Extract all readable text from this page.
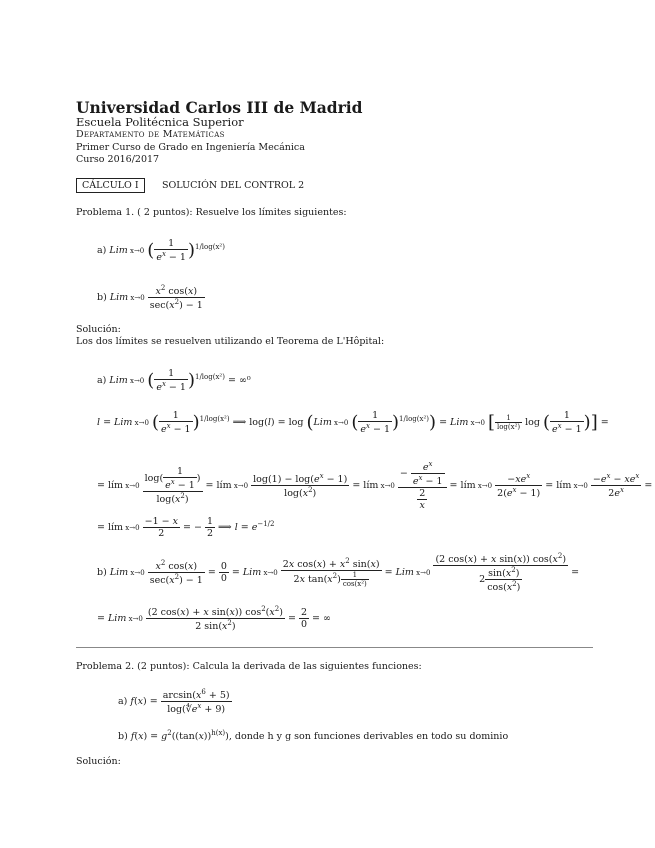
Universidad Carlos III de Madrid
Escuela Politécnica Superior
Departamento de Matemáticas
Primer Curso de Grado en Ingeniería Mecánica
Curso 2016/2017
CÁLCULO I	SOLUCIÓN DEL CONTROL 2
Problema 1. ( 2 puntos): Resuelve los límites siguientes:
a) Lim x→0 ( $\frac{1}{e^x - 1} )^{1/log(x^2)}$
b) Lim $x\to 0 \frac{x^2 \cos(x)}{\sec(x^2) - 1}$
Solución:
Los dos límites se resuelven utilizando el Teorema de L'Hôpital:
a) Lim x→0 ( $\frac{1}{e^x - 1} )^{1/log(x^2)} = \infty^0$
l = Lim x→0 ( $\frac{1}{e^x - 1} )^{1/log(x^2)}$ ⟹ log(l) = log (Lim x→0 ( $\frac{1}{e^x - 1} )^{1/log(x^2)}$) = Lim x→0 [ $\frac{1}{\text{log(x²)}}$ log ( $\frac{1}{e^x - 1}$ )] =
= lím $x\to 0 \frac{\log( \frac{1}{e^x - 1} )}{\log(x^2)}$ = lím $x\to 0 \frac{\log(1) - \log(e^x - 1)}{\log(x^2)}$ = lím $x\to 0 \frac{- \frac{e^x}{e^x - 1}}{\frac{2}{x}}$ = lím $x\to 0 \frac{-xe^x}{2(e^x - 1)}$ = lím $x\to 0 \frac{-e^x - xe^x}{2e^x}$ =
= lím $x\to 0 \frac{-1 - x}{2}$ = − $\frac{1}{2}$ ⟹ $l = e^{-1/2}$
b) Lim $x\to 0 \frac{x^2 \cos(x)}{\sec(x^2) - 1} = \frac{0}{0}$ = Lim $x\to 0 \frac{2x \cos(x) + x^2 \sin(x)}{2x \tan(x^2) \frac{1}{\text{cos(x²)}}}$ = Lim $x\to 0 \frac{(2 \cos(x) + x \sin(x)) \cos(x^2)}{2 \frac{\sin(x^2)}{\cos(x^2)}}$ =
= Lim $x\to 0 \frac{(2 \cos(x) + x \sin(x)) \cos^2(x^2)}{2 \sin(x^2)} = \frac{2}{0}$ = ∞
Problema 2. (2 puntos): Calcula la derivada de las siguientes funciones:
a) $f(x) = \frac{\arcsin(x^6 + 5)}{\log(∜e^x + 9)}$
b) $f(x) = g^2((\tan(x))^{h(x)})$, donde h y g son funciones derivables en todo su dominio
Solución:
